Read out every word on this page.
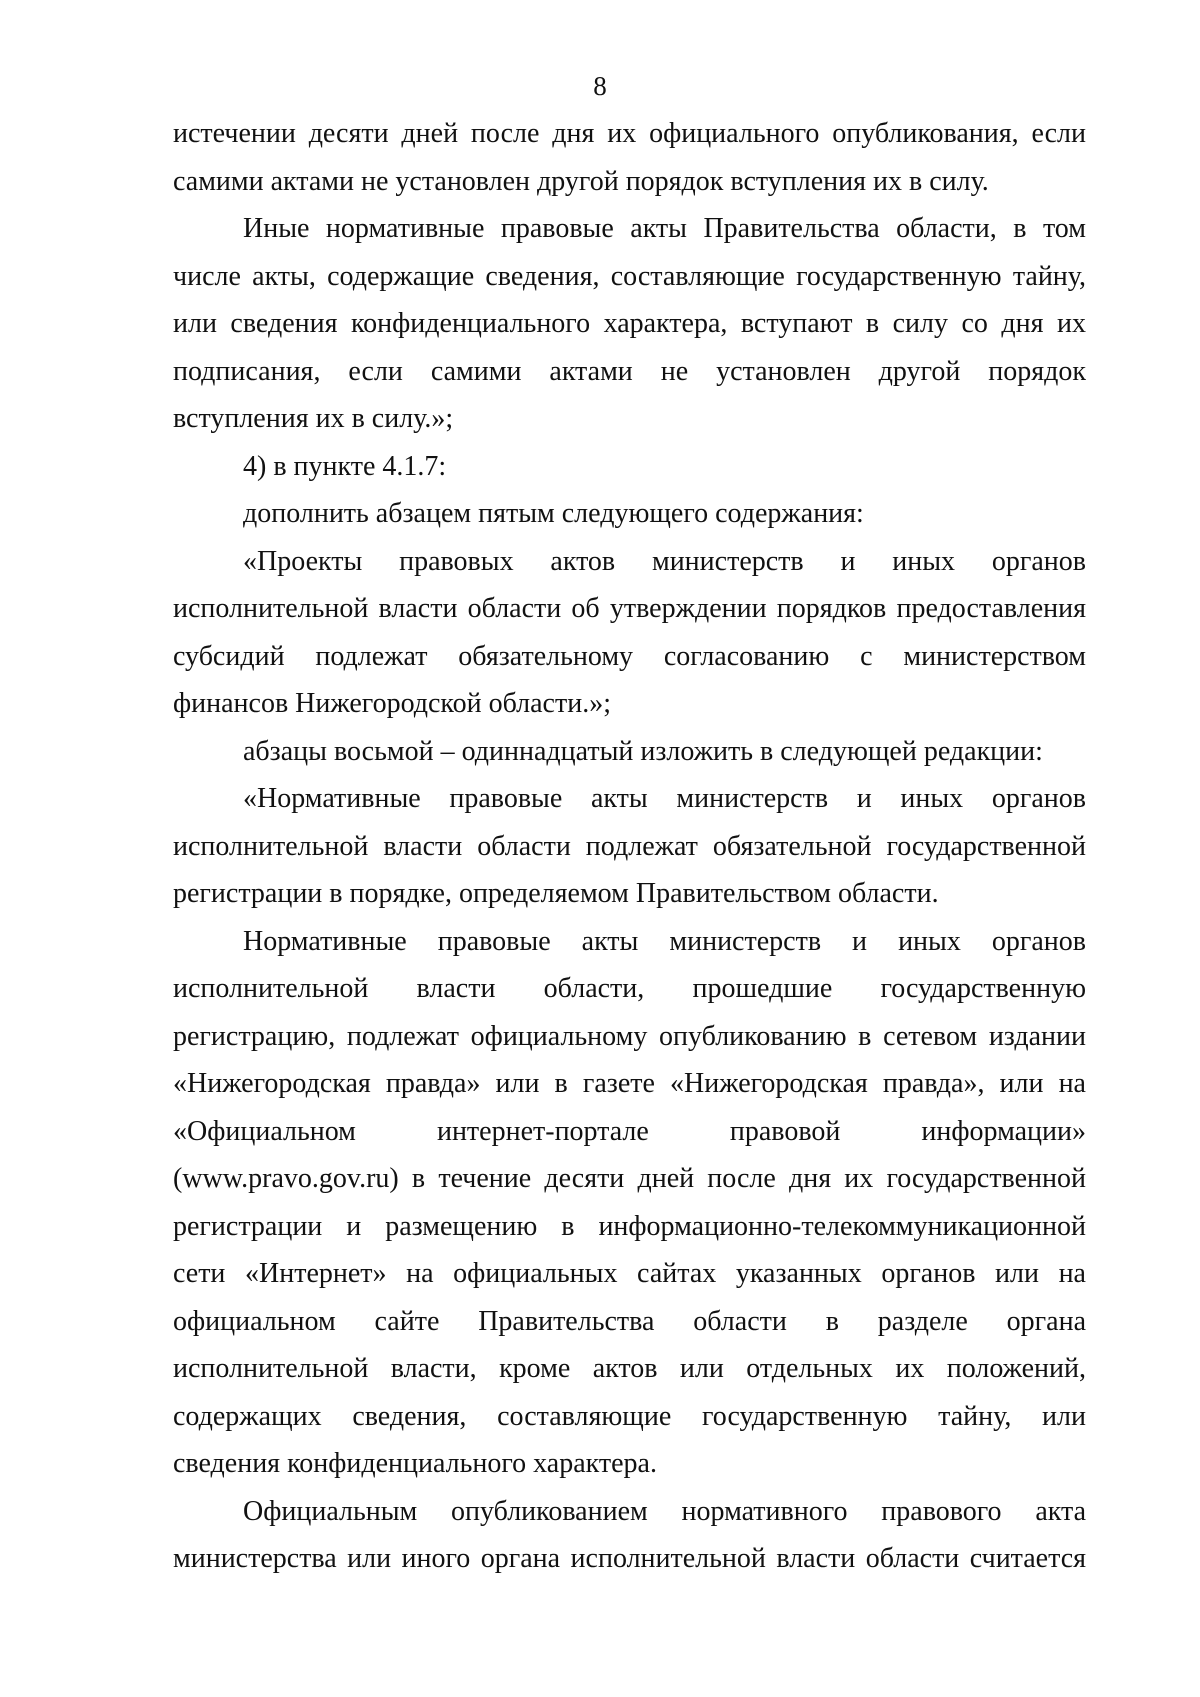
8
истечении десяти дней после дня их официального опубликования, если
самими актами не установлен другой порядок вступления их в силу.
Иные нормативные правовые акты Правительства области, в том
числе акты, содержащие сведения, составляющие государственную тайну,
или сведения конфиденциального характера, вступают в силу со дня их
подписания, если самими актами не установлен другой порядок
вступления их в силу.»;
4) в пункте 4.1.7:
дополнить абзацем пятым следующего содержания:
«Проекты правовых актов министерств и иных органов
исполнительной власти области об утверждении порядков предоставления
субсидий подлежат обязательному согласованию с министерством
финансов Нижегородской области.»;
абзацы восьмой – одиннадцатый изложить в следующей редакции:
«Нормативные правовые акты министерств и иных органов
исполнительной власти области подлежат обязательной государственной
регистрации в порядке, определяемом Правительством области.
Нормативные правовые акты министерств и иных органов
исполнительной власти области, прошедшие государственную
регистрацию, подлежат официальному опубликованию в сетевом издании
«Нижегородская правда» или в газете «Нижегородская правда», или на
«Официальном интернет-портале правовой информации»
(www.pravo.gov.ru) в течение десяти дней после дня их государственной
регистрации и размещению в информационно-телекоммуникационной
сети «Интернет» на официальных сайтах указанных органов или на
официальном сайте Правительства области в разделе органа
исполнительной власти, кроме актов или отдельных их положений,
содержащих сведения, составляющие государственную тайну, или
сведения конфиденциального характера.
Официальным опубликованием нормативного правового акта
министерства или иного органа исполнительной власти области считается
